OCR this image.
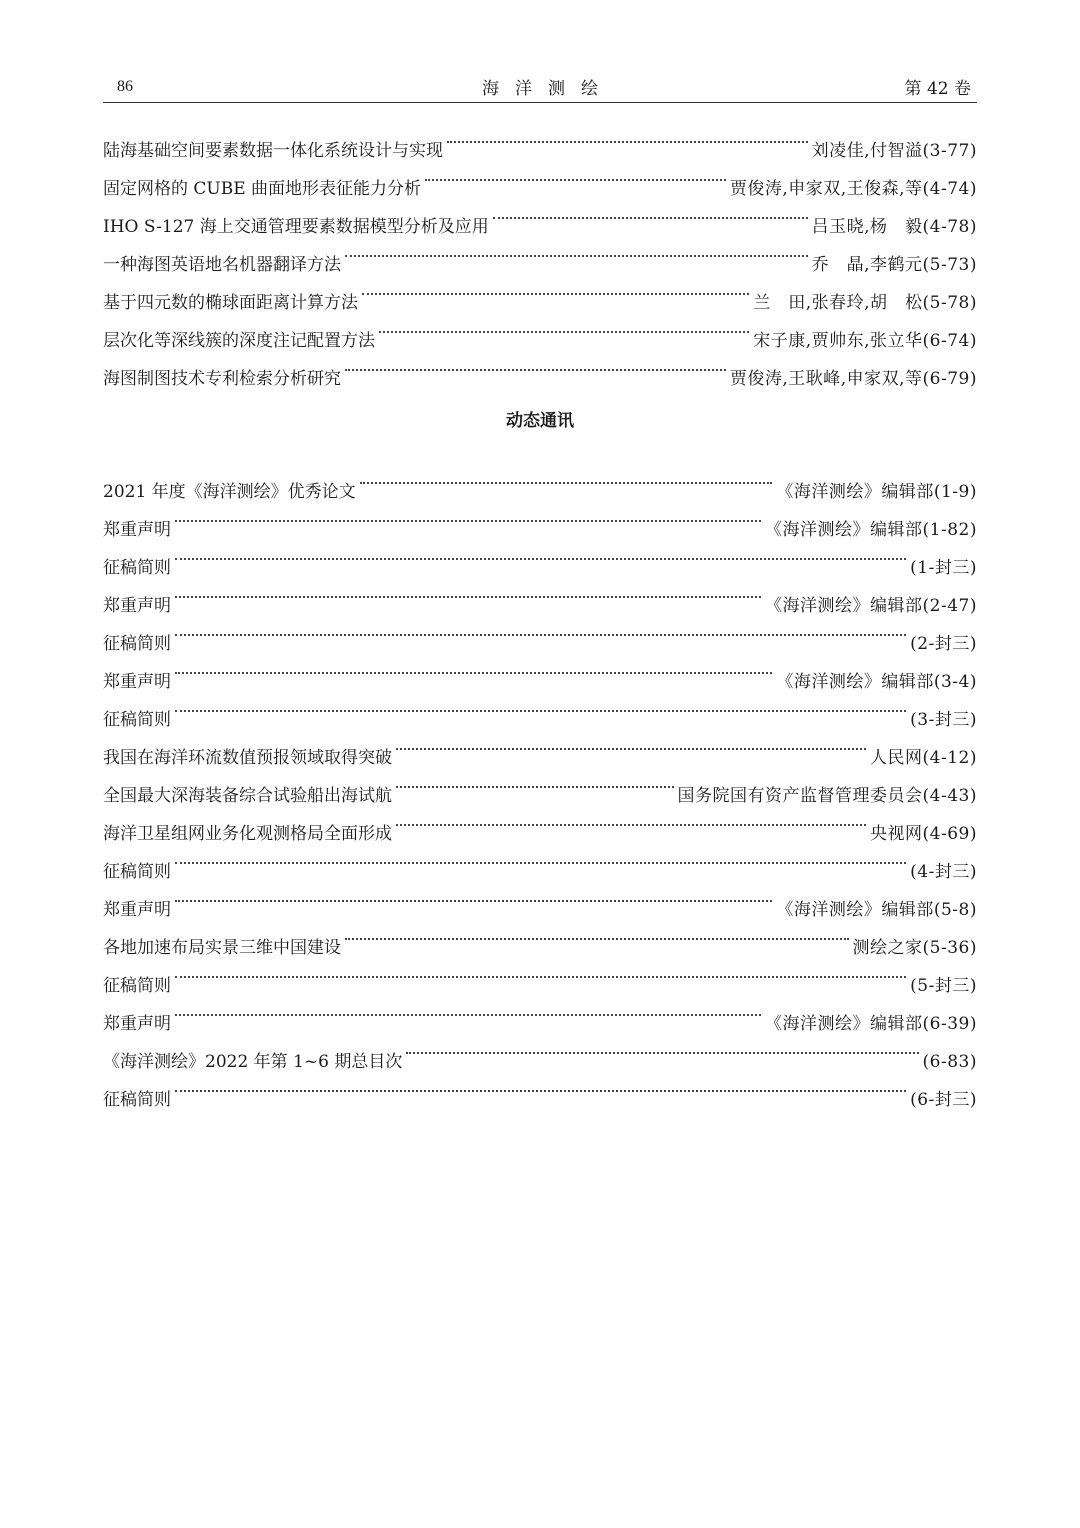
86	海洋测绘	第 42 卷
陆海基础空间要素数据一体化系统设计与实现	刘凌佳,付智溢(3-77)
固定网格的 CUBE 曲面地形表征能力分析	贾俊涛,申家双,王俊森,等(4-74)
IHO S-127 海上交通管理要素数据模型分析及应用	吕玉晓,杨　毅(4-78)
一种海图英语地名机器翻译方法	乔　晶,李鹤元(5-73)
基于四元数的椭球面距离计算方法	兰　田,张春玲,胡　松(5-78)
层次化等深线簇的深度注记配置方法	宋子康,贾帅东,张立华(6-74)
海图制图技术专利检索分析研究	贾俊涛,王耿峰,申家双,等(6-79)
动态通讯
2021 年度《海洋测绘》优秀论文	《海洋测绘》编辑部(1-9)
郑重声明	《海洋测绘》编辑部(1-82)
征稿简则	(1-封三)
郑重声明	《海洋测绘》编辑部(2-47)
征稿简则	(2-封三)
郑重声明	《海洋测绘》编辑部(3-4)
征稿简则	(3-封三)
我国在海洋环流数值预报领域取得突破	人民网(4-12)
全国最大深海装备综合试验船出海试航	国务院国有资产监督管理委员会(4-43)
海洋卫星组网业务化观测格局全面形成	央视网(4-69)
征稿简则	(4-封三)
郑重声明	《海洋测绘》编辑部(5-8)
各地加速布局实景三维中国建设	测绘之家(5-36)
征稿简则	(5-封三)
郑重声明	《海洋测绘》编辑部(6-39)
《海洋测绘》2022 年第 1~6 期总目次	(6-83)
征稿简则	(6-封三)
